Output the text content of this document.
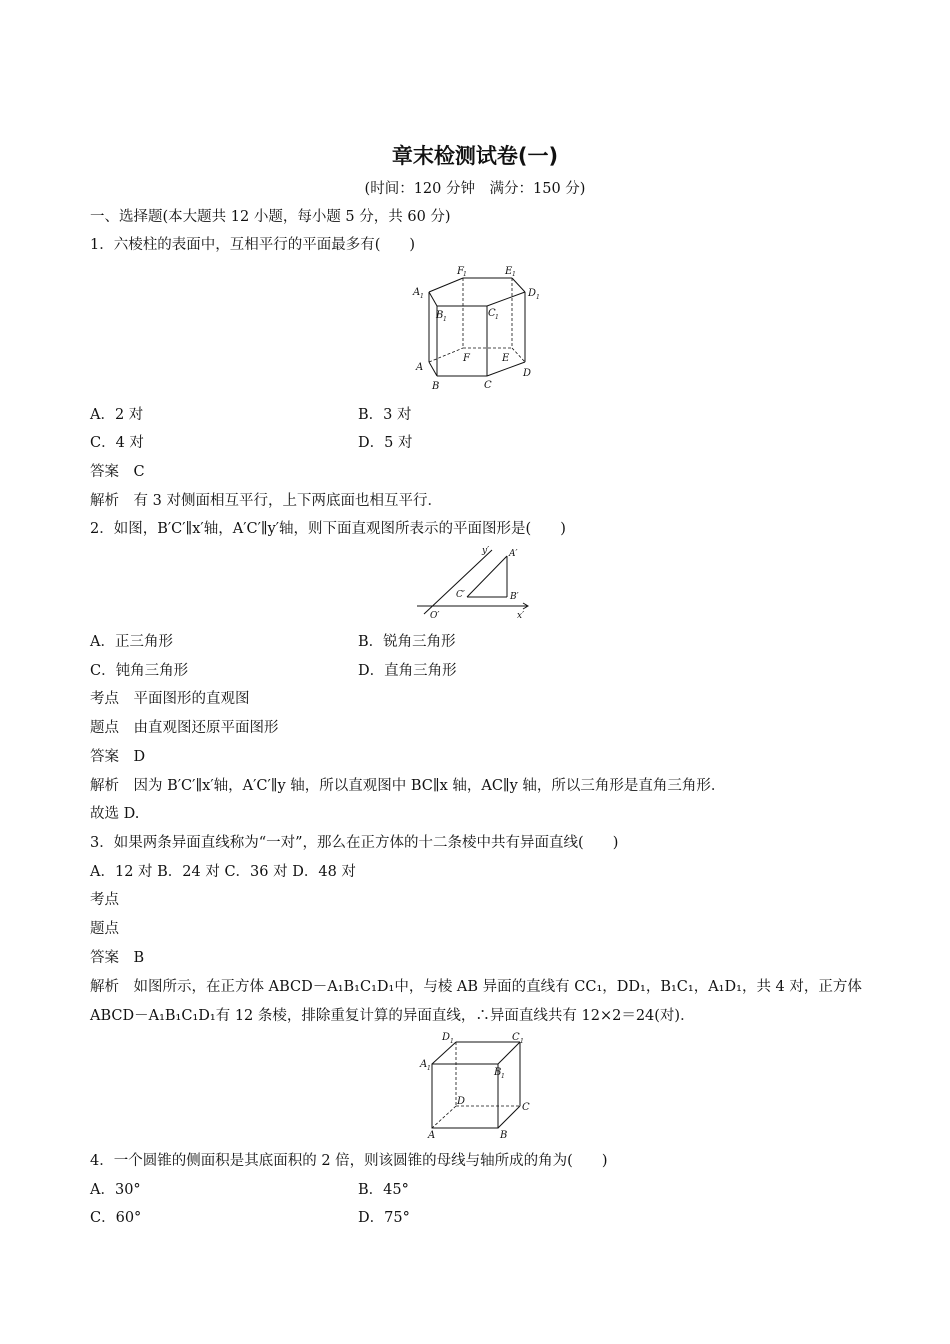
章末检测试卷(一)
(时间：120 分钟　满分：150 分)
一、选择题(本大题共 12 小题，每小题 5 分，共 60 分)
1．六棱柱的表面中，互相平行的平面最多有(　　)
A 1
F 1	E 1
D 1
B 1
C 1
F	E
A
B	C
D
A．2 对	B．3 对
C．4 对	D．5 对
答案　C
解析　有 3 对侧面相互平行，上下两底面也相互平行．
2．如图，B′C′∥x′轴，A′C′∥y′轴，则下面直观图所表示的平面图形是(　　)
y′ A′
C′	B′
O′	x′
A．正三角形	B．锐角三角形
C．钝角三角形	D．直角三角形
考点　平面图形的直观图
题点　由直观图还原平面图形
答案　D
解析　因为 B′C′∥x′轴，A′C′∥y 轴，所以直观图中 BC∥x 轴，AC∥y 轴，所以三角形是直角三角形．
故选 D.
3．如果两条异面直线称为“一对”，那么在正方体的十二条棱中共有异面直线(　　)
A．12 对 B．24 对 C．36 对 D．48 对
考点
题点
答案　B
解析　如图所示，在正方体 ABCD－A₁B₁C₁D₁中，与棱 AB 异面的直线有 CC₁，DD₁，B₁C₁，A₁D₁，共 4 对，正方体
ABCD－A₁B₁C₁D₁有 12 条棱，排除重复计算的异面直线，∴异面直线共有 12×2＝24(对)．
D 1	C 1
A 1	B 1
D
C
A	B
4．一个圆锥的侧面积是其底面积的 2 倍，则该圆锥的母线与轴所成的角为(　　)
A．30°	B．45°
C．60°	D．75°
